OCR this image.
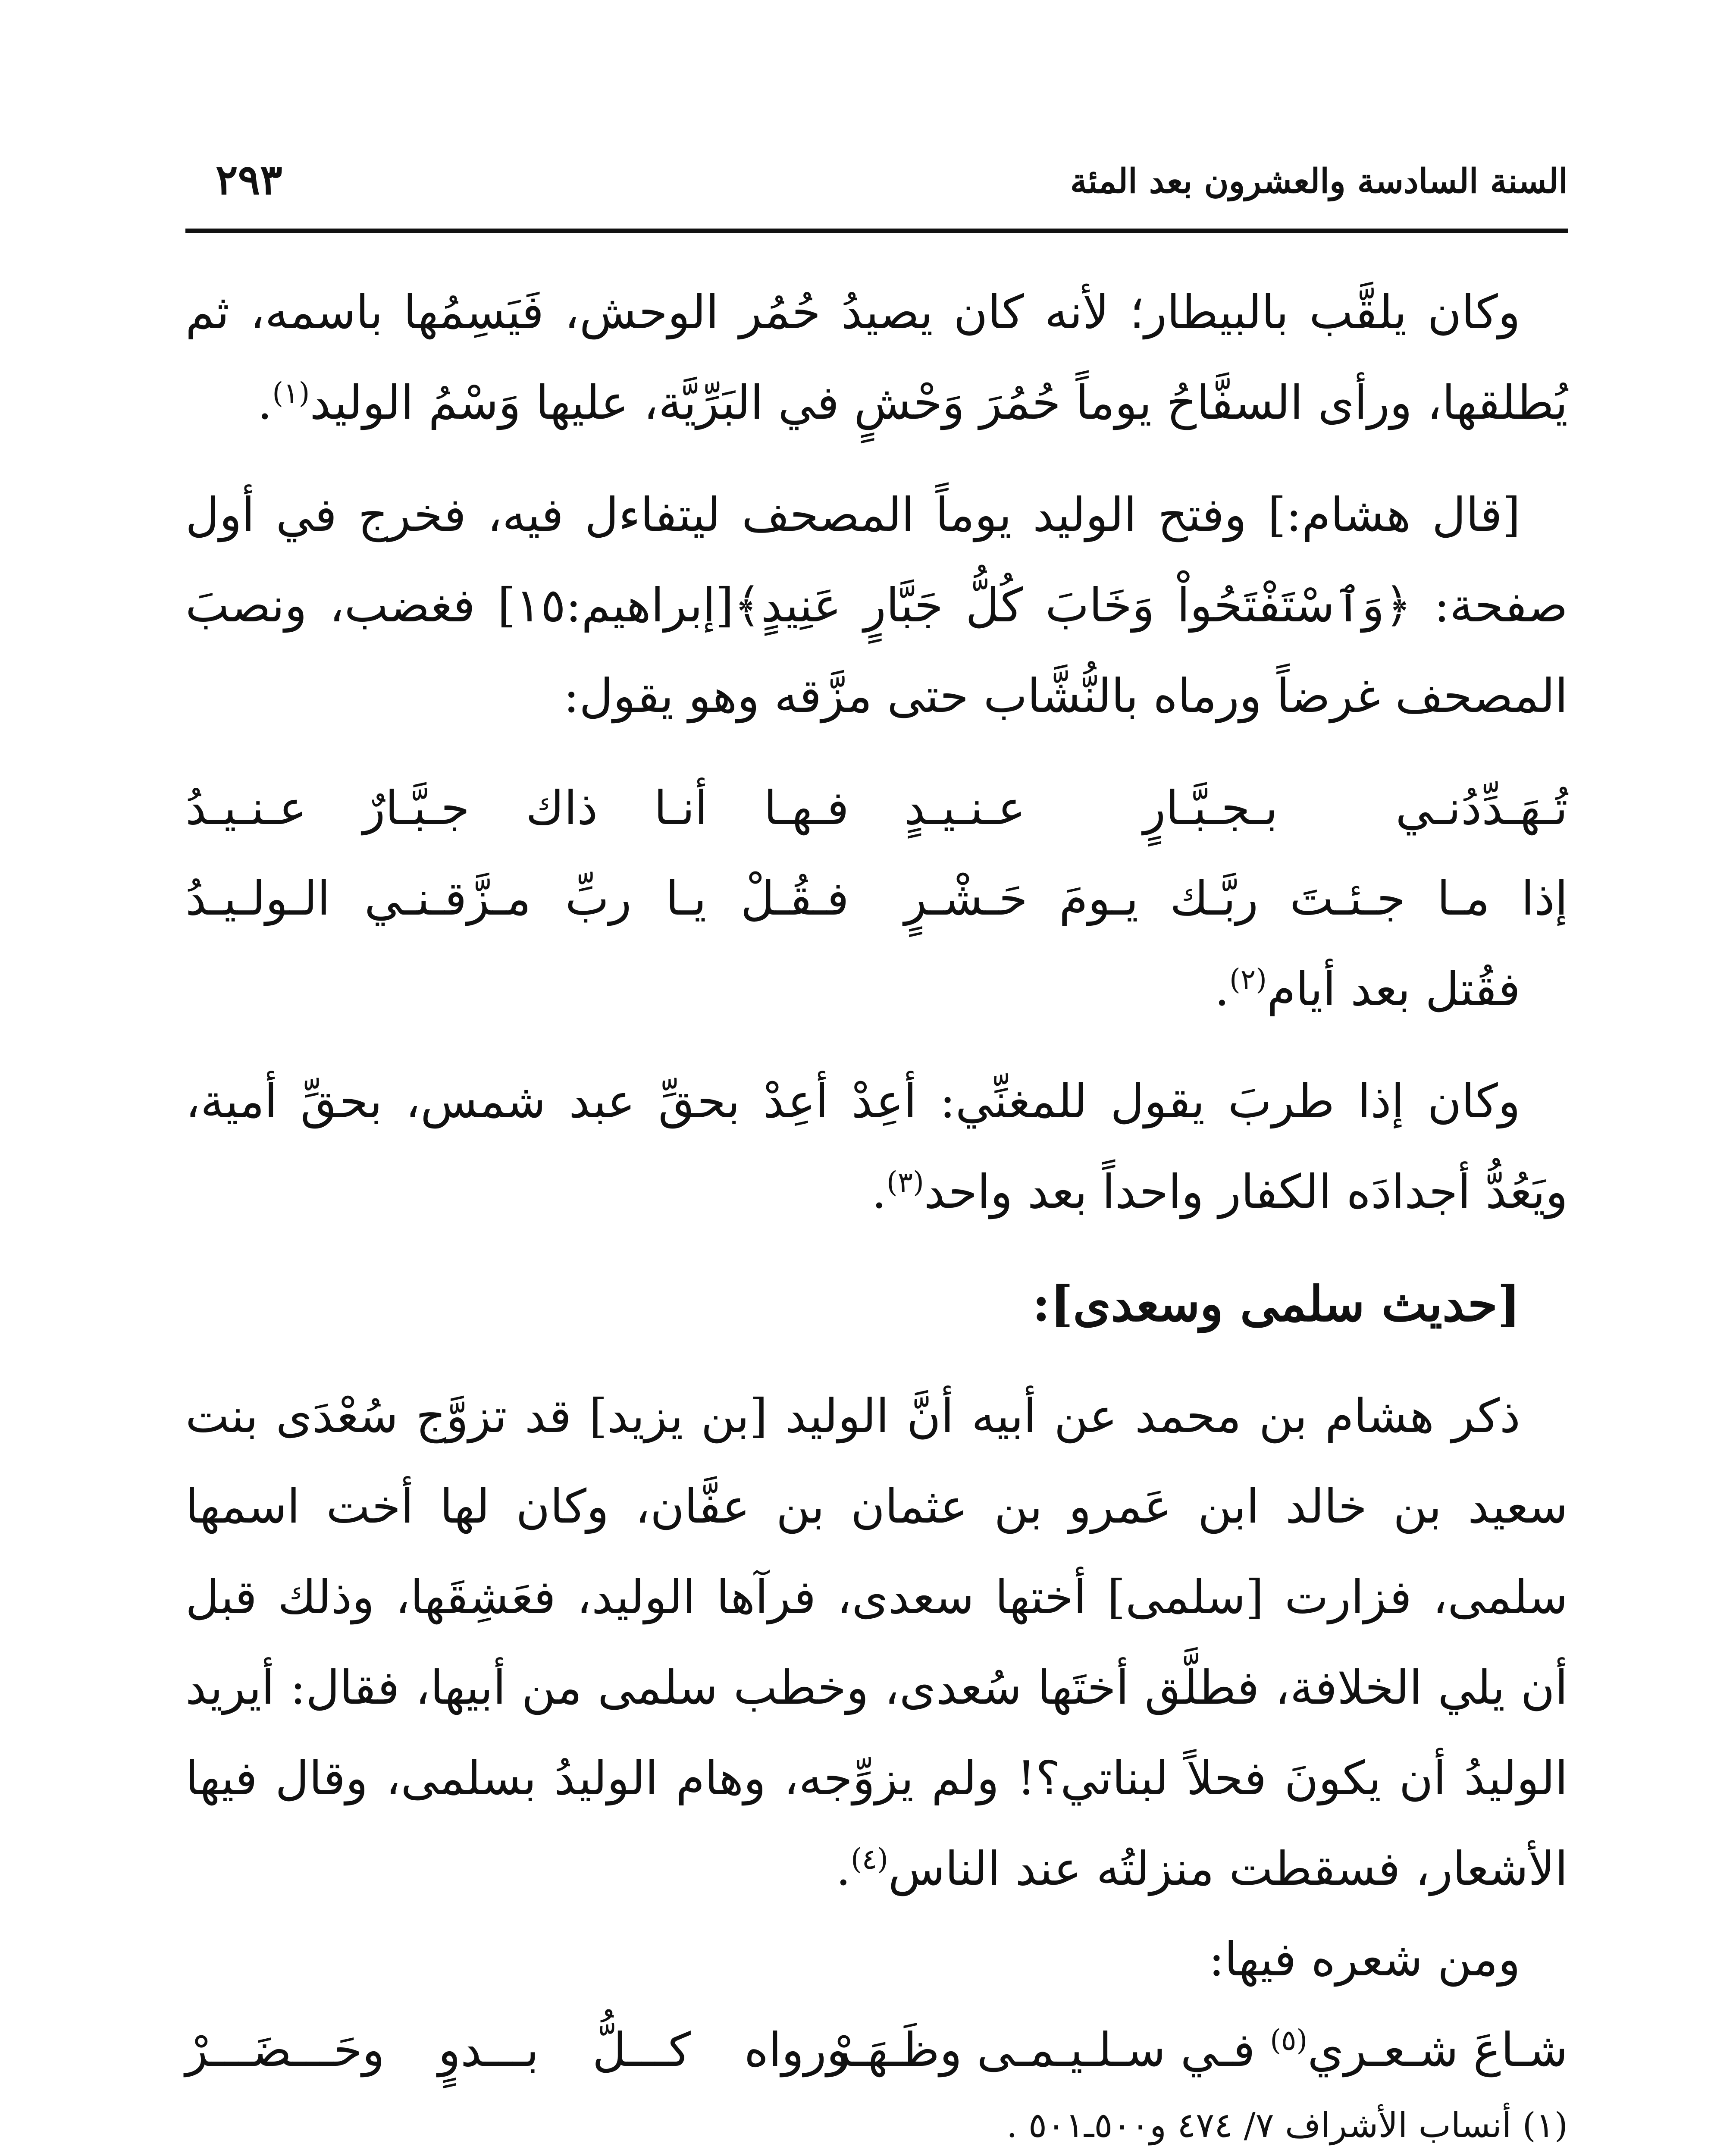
السنة السادسة والعشرون بعد المئة
٢٩٣

وكان يلقَّب بالبيطار؛ لأنه كان يصيدُ حُمُر الوحش، فَيَسِمُها باسمه، ثم يُطلقها، ورأى السفَّاحُ يوماً حُمُرَ وَحْشٍ في البَرِّيَّة، عليها وَسْمُ الوليد$^{(١)}$.

[قال هشام:] وفتح الوليد يوماً المصحف ليتفاءل فيه، فخرج في أول صفحة: ﴿وَٱسْتَفْتَحُواْ وَخَابَ كُلُّ جَبَّارٍ عَنِيدٍ﴾[إبراهيم:١٥] فغضب، ونصبَ المصحف غرضاً ورماه بالنُّشَّاب حتى مزَّقه وهو يقول:

تُـهَـدِّدُنـي بـجـبَّـارٍ عـنـيـدٍ
فـهـا أنـا ذاك جـبَّـارٌ عـنـيـدُ
إذا مـا جـئـتَ ربَّـك يـومَ حَـشْـرٍ
فـقُـلْ يـا ربِّ مـزَّقـنـي الـولـيـدُ

فقُتل بعد أيام$^{(٢)}$.

وكان إذا طربَ يقول للمغنِّي: أعِدْ أعِدْ بحقِّ عبد شمس، بحقِّ أمية، ويَعُدُّ أجدادَه الكفار واحداً بعد واحد$^{(٣)}$.

[حديث سلمى وسعدى]:

ذكر هشام بن محمد عن أبيه أنَّ الوليد [بن يزيد] قد تزوَّج سُعْدَى بنت سعيد بن خالد ابن عَمرو بن عثمان بن عفَّان، وكان لها أخت اسمها سلمى، فزارت [سلمى] أختها سعدى، فرآها الوليد، فعَشِقَها، وذلك قبل أن يلي الخلافة، فطلَّق أختَها سُعدى، وخطب سلمى من أبيها، فقال: أيريد الوليدُ أن يكونَ فحلاً لبناتي؟! ولم يزوِّجه، وهام الوليدُ بسلمى، وقال فيها الأشعار، فسقطت منزلتُه عند الناس$^{(٤)}$.

ومن شعره فيها:

شـاعَ شـعـري$^{(٥)}$ فـي سـلـيـمـى وظَـهَـرْ
ورواه كـــلُّ بـــدوٍ وحَـــضَـــرْ

(١) أنساب الأشراف ٧/ ٤٧٤ و٥٠٠ـ٥٠١ .
